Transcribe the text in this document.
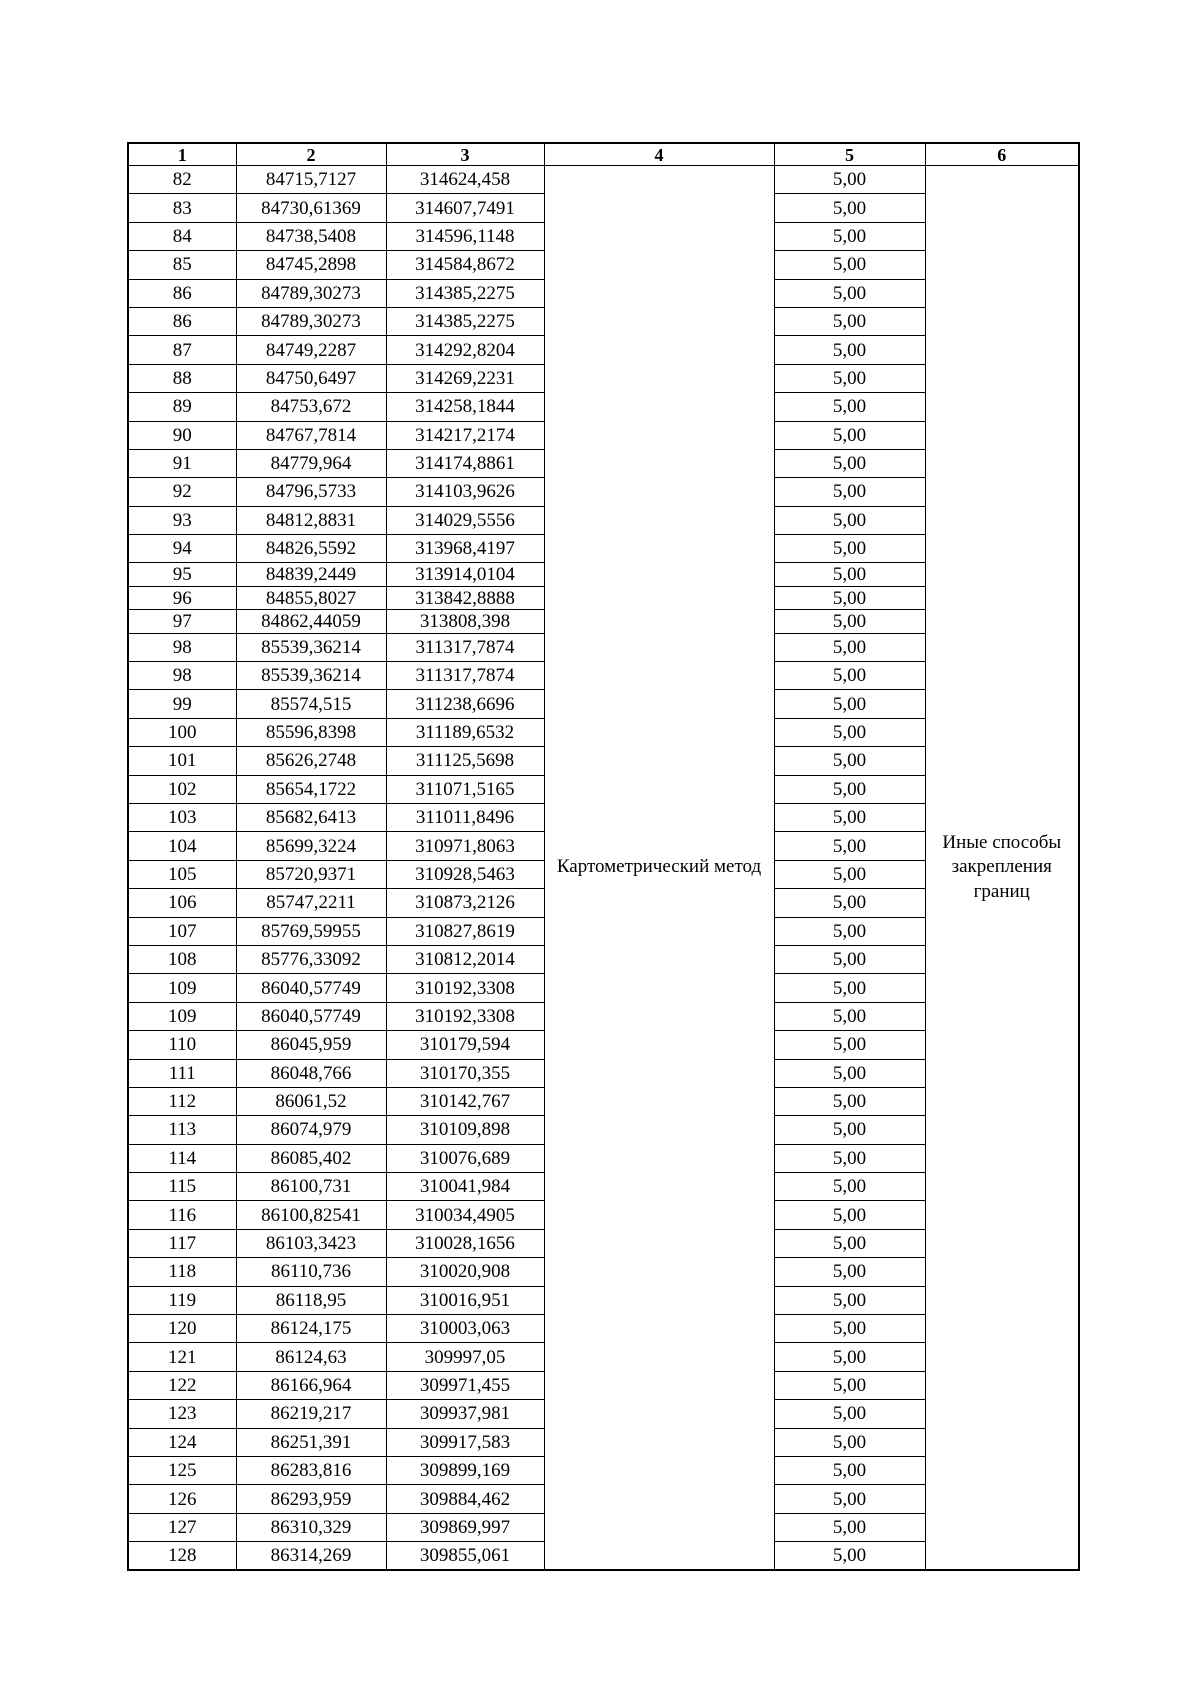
1	2	3	4	5	6
82	84715,7127	314624,458	Картометрический метод	5,00	Иные способы закрепления границ
83	84730,61369	314607,7491		5,00	
84	84738,5408	314596,1148		5,00	
85	84745,2898	314584,8672		5,00	
86	84789,30273	314385,2275		5,00	
86	84789,30273	314385,2275		5,00	
87	84749,2287	314292,8204		5,00	
88	84750,6497	314269,2231		5,00	
89	84753,672	314258,1844		5,00	
90	84767,7814	314217,2174		5,00	
91	84779,964	314174,8861		5,00	
92	84796,5733	314103,9626		5,00	
93	84812,8831	314029,5556		5,00	
94	84826,5592	313968,4197		5,00	
95	84839,2449	313914,0104		5,00	
96	84855,8027	313842,8888		5,00	
97	84862,44059	313808,398		5,00	
98	85539,36214	311317,7874		5,00	
98	85539,36214	311317,7874		5,00	
99	85574,515	311238,6696		5,00	
100	85596,8398	311189,6532		5,00	
101	85626,2748	311125,5698		5,00	
102	85654,1722	311071,5165		5,00	
103	85682,6413	311011,8496		5,00	
104	85699,3224	310971,8063		5,00	
105	85720,9371	310928,5463		5,00	
106	85747,2211	310873,2126		5,00	
107	85769,59955	310827,8619		5,00	
108	85776,33092	310812,2014		5,00	
109	86040,57749	310192,3308		5,00	
109	86040,57749	310192,3308		5,00	
110	86045,959	310179,594		5,00	
111	86048,766	310170,355		5,00	
112	86061,52	310142,767		5,00	
113	86074,979	310109,898		5,00	
114	86085,402	310076,689		5,00	
115	86100,731	310041,984		5,00	
116	86100,82541	310034,4905		5,00	
117	86103,3423	310028,1656		5,00	
118	86110,736	310020,908		5,00	
119	86118,95	310016,951		5,00	
120	86124,175	310003,063		5,00	
121	86124,63	309997,05		5,00	
122	86166,964	309971,455		5,00	
123	86219,217	309937,981		5,00	
124	86251,391	309917,583		5,00	
125	86283,816	309899,169		5,00	
126	86293,959	309884,462		5,00	
127	86310,329	309869,997		5,00	
128	86314,269	309855,061		5,00	
